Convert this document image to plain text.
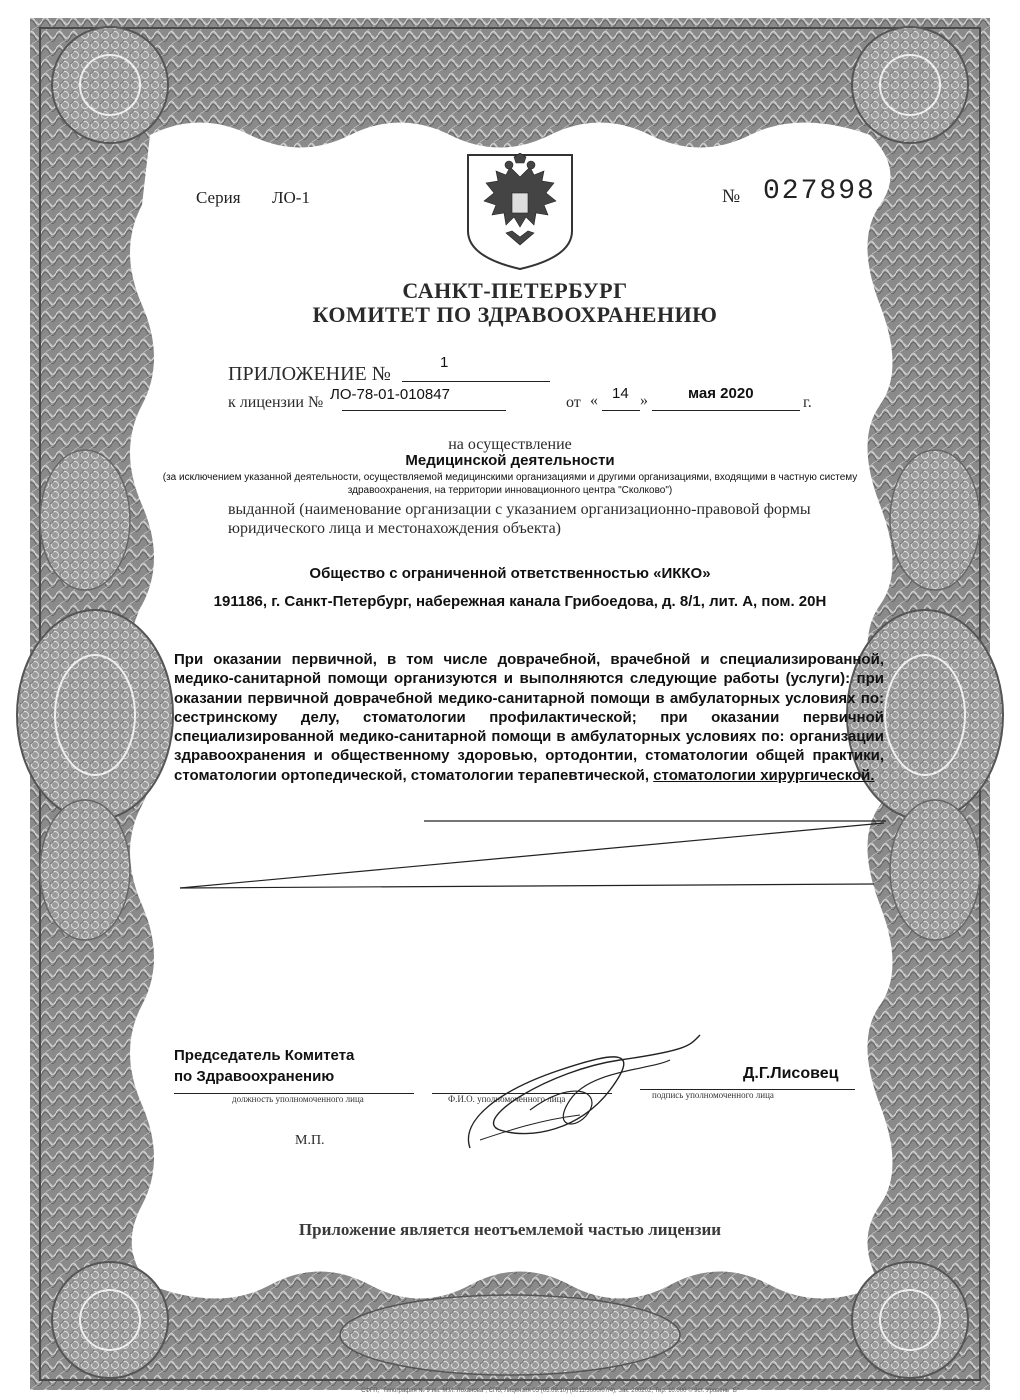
Серия ЛО-1	№ 027898
САНКТ-ПЕТЕРБУРГ
КОМИТЕТ ПО ЗДРАВООХРАНЕНИЮ
ПРИЛОЖЕНИЕ №
1
к лицензии № ЛО-78-01-010847	от « 14 »	мая 2020
г.
на осуществление
Медицинской деятельности
(за исключением указанной деятельности, осуществляемой медицинскими организациями и другими организациями, входящими в частную систему здравоохранения, на территории инновационного центра "Сколково")
выданной (наименование организации с указанием организационно-правовой формы юридического лица и местонахождения объекта)
Общество с ограниченной ответственностью «ИККО»
191186, г. Санкт-Петербург, набережная канала Грибоедова, д. 8/1, лит. А, пом. 20Н
При оказании первичной, в том числе доврачебной, врачебной и специализированной, медико-санитарной помощи организуются и выполняются следующие работы (услуги): при оказании первичной доврачебной медико-санитарной помощи в амбулаторных условиях по: сестринскому делу, стоматологии профилактической; при оказании первичной специализированной медико-санитарной помощи в амбулаторных условиях по: организации здравоохранения и общественному здоровью, ортодонтии, стоматологии общей практики, стоматологии ортопедической, стоматологии терапевтической, стоматологии хирургической.
Председатель Комитета
по Здравоохранению	Д.Г.Лисовец
должность уполномоченного лица	Ф.И.О. уполномоченного лица	подпись уполномоченного лица
М.П.
Приложение является неотъемлемой частью лицензии
СФГП, "Типография № 9 им. М.И. Лоханова", СПб, Лицензия 05 (05.09.10) (8811/3600/07/4), Зак. 200202, Тир. 10.000 © 9ст. Уровень "Б"
